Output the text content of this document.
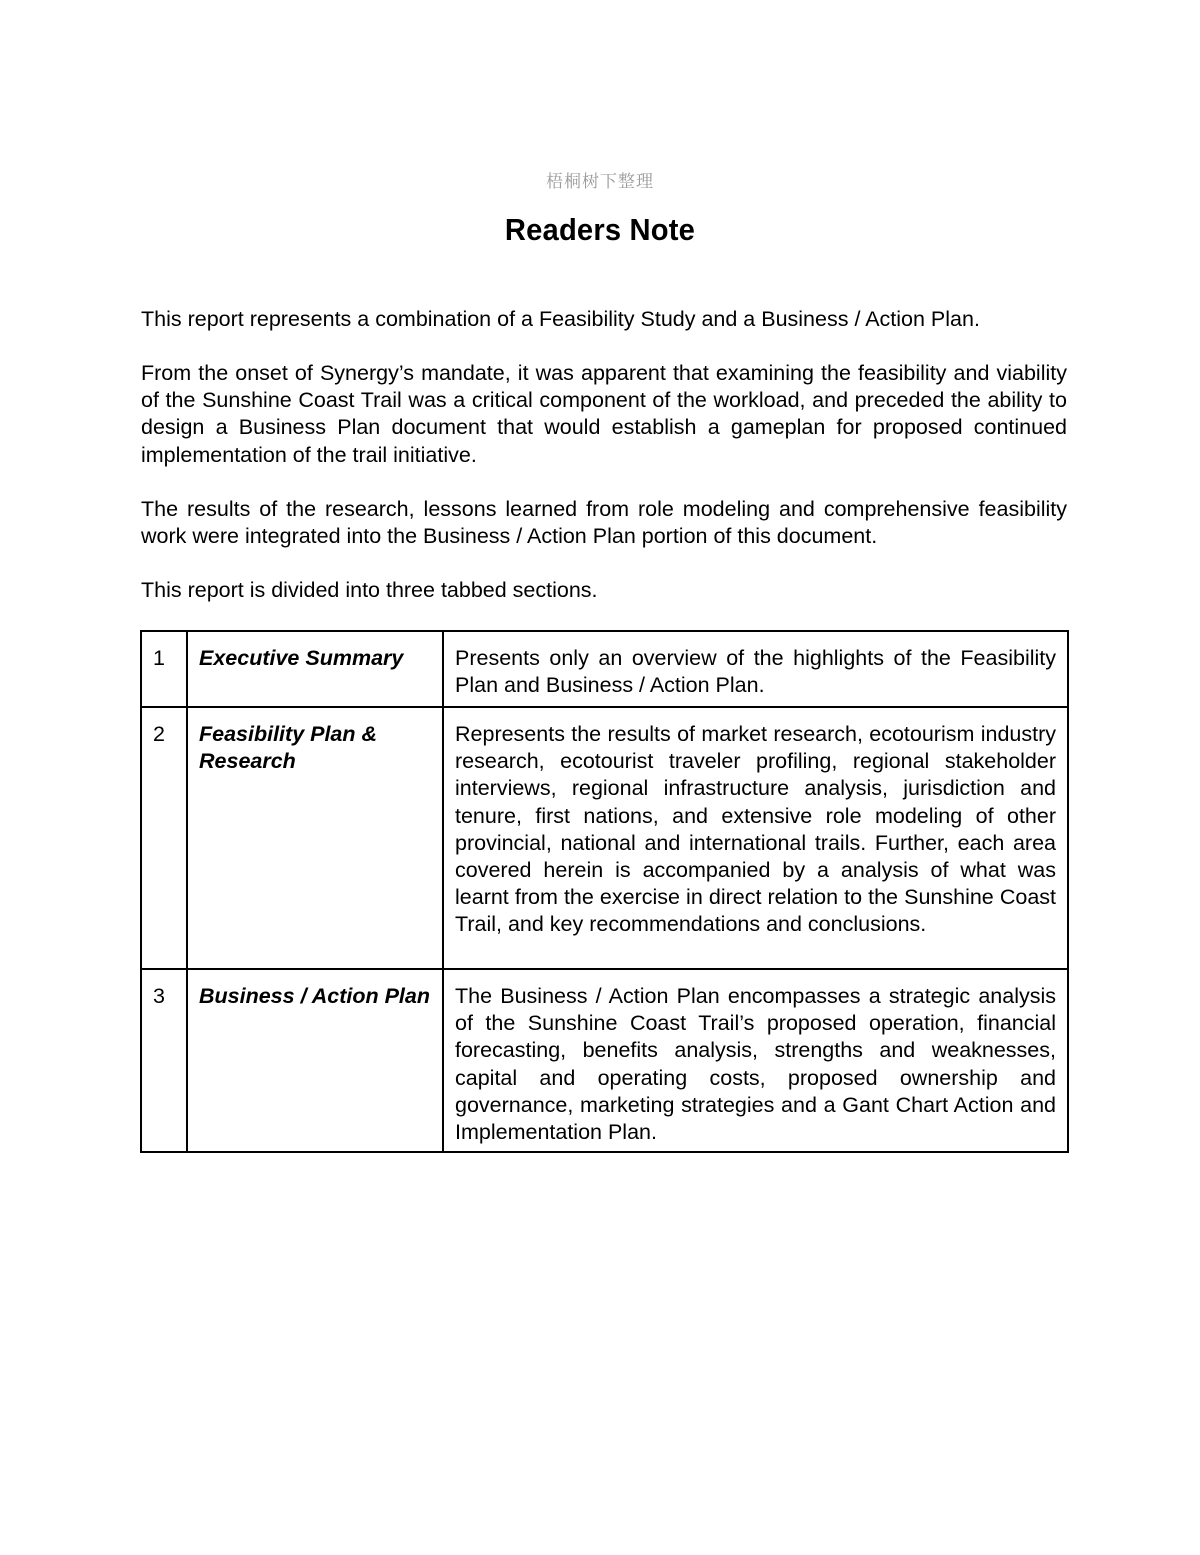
梧桐树下整理
Readers Note

This report represents a combination of a Feasibility Study and a Business / Action Plan.

From the onset of Synergy’s mandate, it was apparent that examining the feasibility and viability of the Sunshine Coast Trail was a critical component of the workload, and preceded the ability to design a Business Plan document that would establish a gameplan for proposed continued implementation of the trail initiative.

The results of the research, lessons learned from role modeling and comprehensive feasibility work were integrated into the Business / Action Plan portion of this document.

This report is divided into three tabbed sections.

1	Executive Summary	Presents only an overview of the highlights of the Feasibility Plan and Business / Action Plan.
2	Feasibility Plan & Research	Represents the results of market research, ecotourism industry research, ecotourist traveler profiling, regional stakeholder interviews, regional infrastructure analysis, jurisdiction and tenure, first nations, and extensive role modeling of other provincial, national and international trails. Further, each area covered herein is accompanied by a analysis of what was learnt from the exercise in direct relation to the Sunshine Coast Trail, and key recommendations and conclusions.
3	Business / Action Plan	The Business / Action Plan encompasses a strategic analysis of the Sunshine Coast Trail’s proposed operation, financial forecasting, benefits analysis, strengths and weaknesses, capital and operating costs, proposed ownership and governance, marketing strategies and a Gant Chart Action and Implementation Plan.
